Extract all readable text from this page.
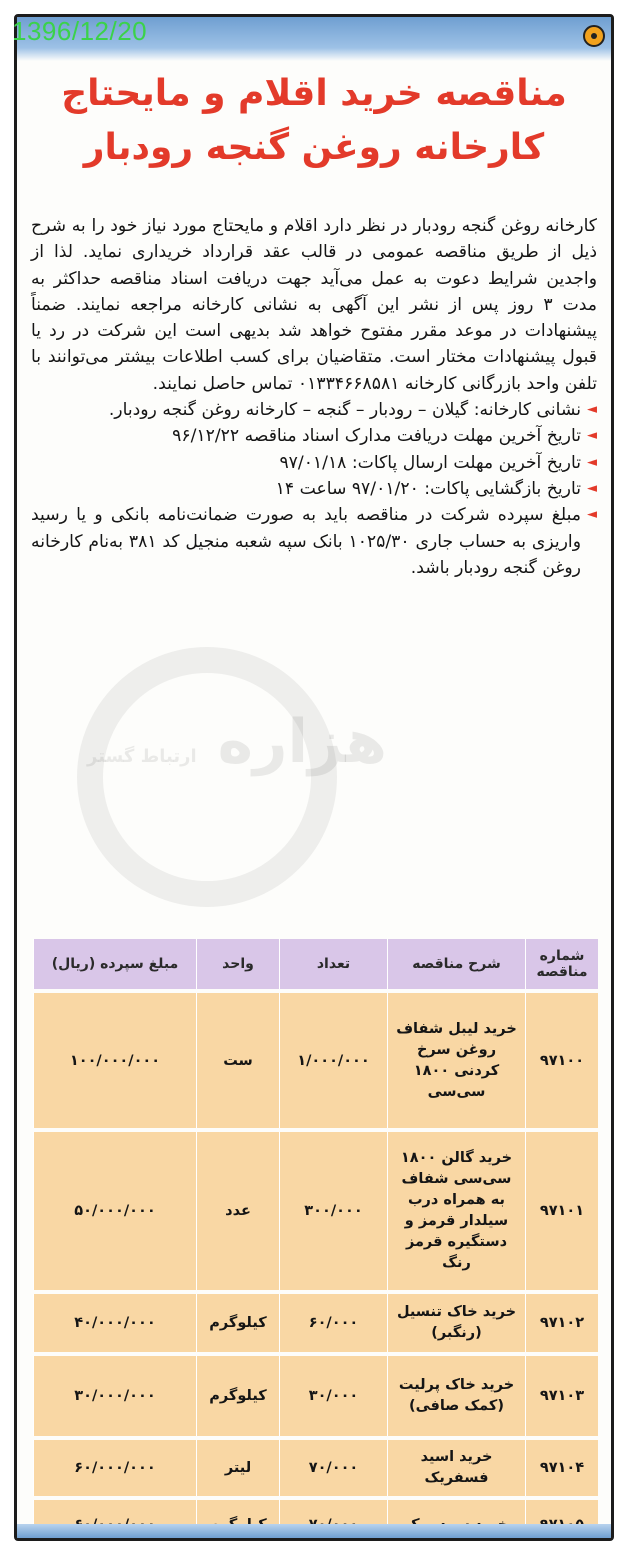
1396/12/20
مناقصه خرید اقلام و مایحتاج
کارخانه روغن گنجه رودبار
هزاره ارتباط گستر

کارخانه روغن گنجه رودبار در نظر دارد اقلام و مایحتاج مورد نیاز خود را به شرح ذیل از طریق مناقصه عمومی در قالب عقد قرارداد خریداری نماید. لذا از واجدین شرایط دعوت به عمل می‌آید جهت دریافت اسناد مناقصه حداکثر به مدت ۳ روز پس از نشر این آگهی به نشانی کارخانه مراجعه نمایند. ضمناً پیشنهادات در موعد مقرر مفتوح خواهد شد بدیهی است این شرکت در رد یا قبول پیشنهادات مختار است. متقاضیان برای کسب اطلاعات بیشتر می‌توانند با تلفن واحد بازرگانی کارخانه ۰۱۳۳۴۶۶۸۵۸۱ تماس حاصل نمایند.

◄ نشانی کارخانه: گیلان – رودبار – گنجه – کارخانه روغن گنجه رودبار.
◄ تاریخ آخرین مهلت دریافت مدارک اسناد مناقصه ۹۶/۱۲/۲۲
◄ تاریخ آخرین مهلت ارسال پاکات: ۹۷/۰۱/۱۸
◄ تاریخ بازگشایی پاکات: ۹۷/۰۱/۲۰ ساعت ۱۴
◄ مبلغ سپرده شرکت در مناقصه باید به صورت ضمانت‌نامه بانکی و یا رسید واریزی به حساب جاری ۱۰۲۵/۳۰ بانک سپه شعبه منجیل کد ۳۸۱ به‌نام کارخانه روغن گنجه رودبار باشد.
شماره مناقصه	شرح مناقصه	تعداد	واحد	مبلغ سپرده (ریال)
۹۷۱۰۰	خرید لیبل شفاف روغن سرخ کردنی ۱۸۰۰ سی‌سی	۱/۰۰۰/۰۰۰	ست	۱۰۰/۰۰۰/۰۰۰
۹۷۱۰۱	خرید گالن ۱۸۰۰ سی‌سی شفاف به همراه درب سیلدار قرمز و دستگیره قرمز رنگ	۳۰۰/۰۰۰	عدد	۵۰/۰۰۰/۰۰۰
۹۷۱۰۲	خرید خاک تنسیل (رنگبر)	۶۰/۰۰۰	کیلوگرم	۴۰/۰۰۰/۰۰۰
۹۷۱۰۳	خرید خاک پرلیت (کمک صافی)	۳۰/۰۰۰	کیلوگرم	۳۰/۰۰۰/۰۰۰
۹۷۱۰۴	خرید اسید فسفریک	۷۰/۰۰۰	لیتر	۶۰/۰۰۰/۰۰۰
